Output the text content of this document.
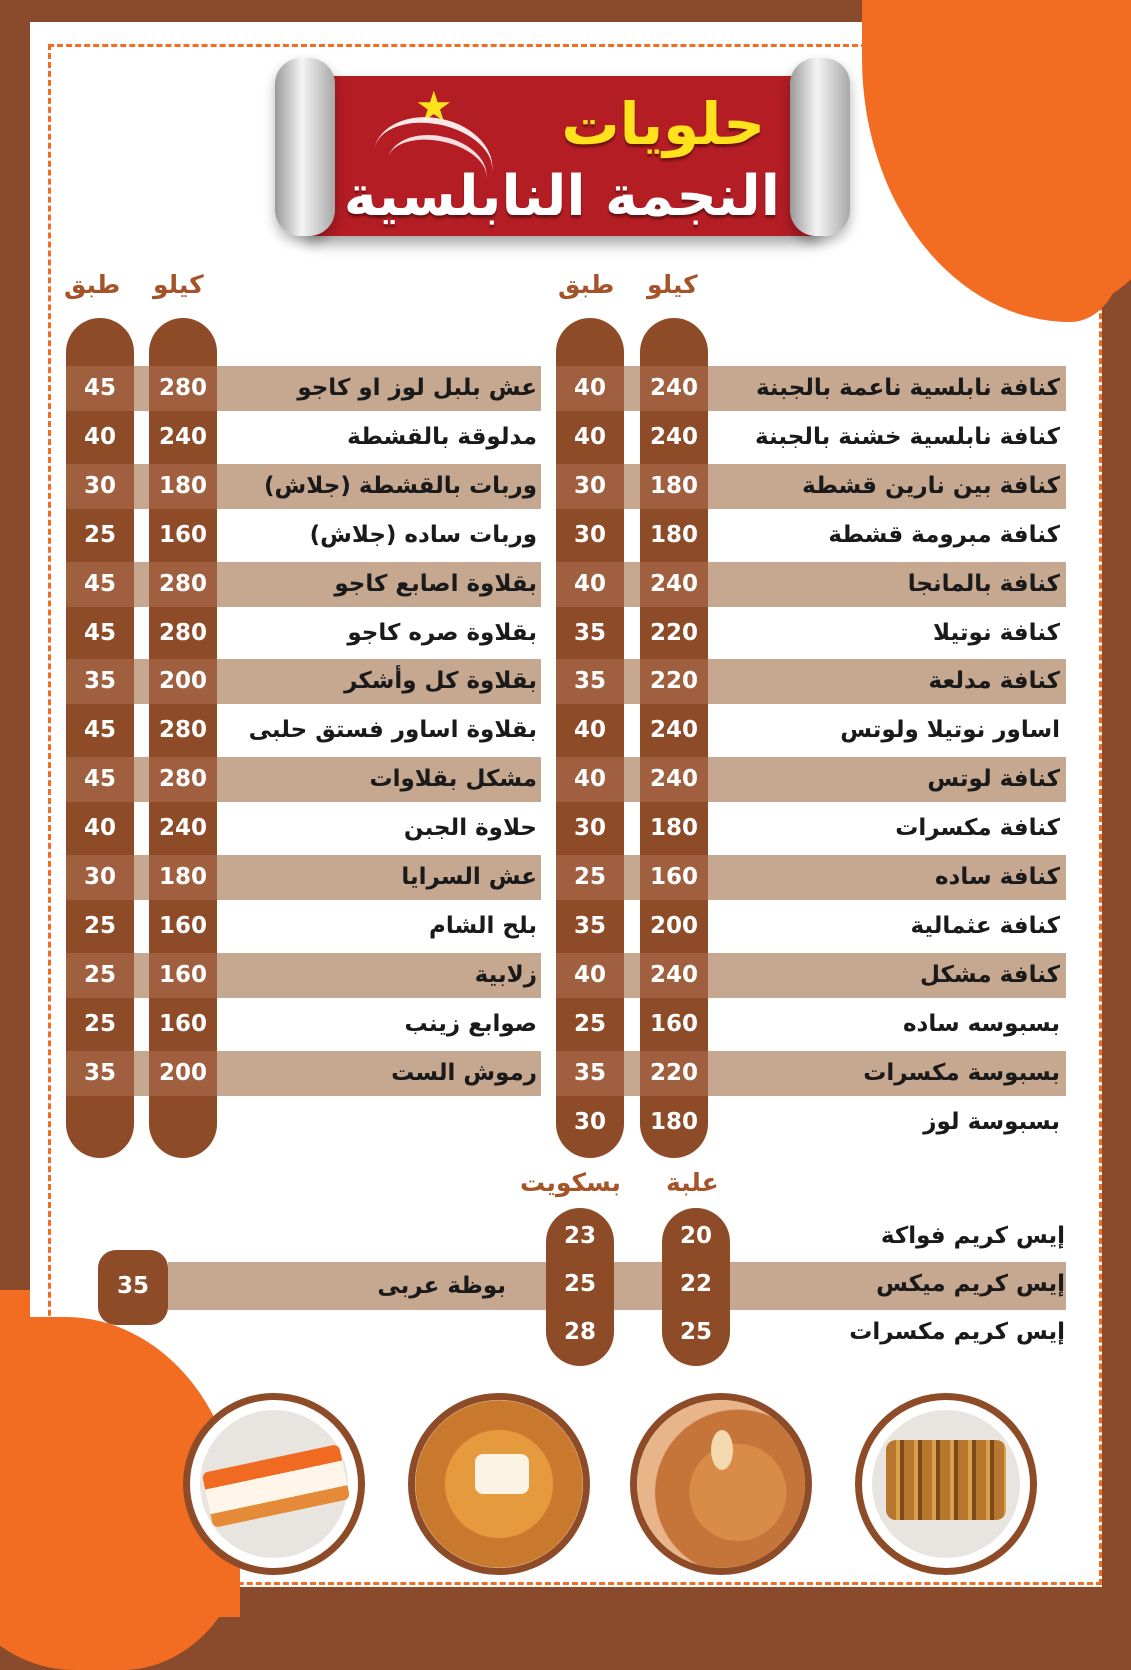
★ حلويات
النجمة النابلسية
كيلو
طبق
كيلو
طبق
علبة
بسكويت
كنافة نابلسية ناعمة بالجبنة
240
40
كنافة نابلسية خشنة بالجبنة
240
40
كنافة بين نارين قشطة
180
30
كنافة مبرومة قشطة
180
30
كنافة بالمانجا
240
40
كنافة نوتيلا
220
35
كنافة مدلعة
220
35
اساور نوتيلا ولوتس
240
40
كنافة لوتس
240
40
كنافة مكسرات
180
30
كنافة ساده
160
25
كنافة عثمالية
200
35
كنافة مشكل
240
40
بسبوسه ساده
160
25
بسبوسة مكسرات
220
35
بسبوسة لوز
180
30
عش بلبل لوز او كاجو
280
45
مدلوقة بالقشطة
240
40
وربات بالقشطة (جلاش)
180
30
وربات ساده (جلاش)
160
25
بقلاوة اصابع كاجو
280
45
بقلاوة صره كاجو
280
45
بقلاوة كل وأشكر
200
35
بقلاوة اساور فستق حلبى
280
45
مشكل بقلاوات
280
45
حلاوة الجبن
240
40
عش السرايا
180
30
بلح الشام
160
25
زلابية
160
25
صوابع زينب
160
25
رموش الست
200
35
إيس كريم فواكة
20
23
إيس كريم ميكس
22
25
إيس كريم مكسرات
25
28
بوظة عربى
35
